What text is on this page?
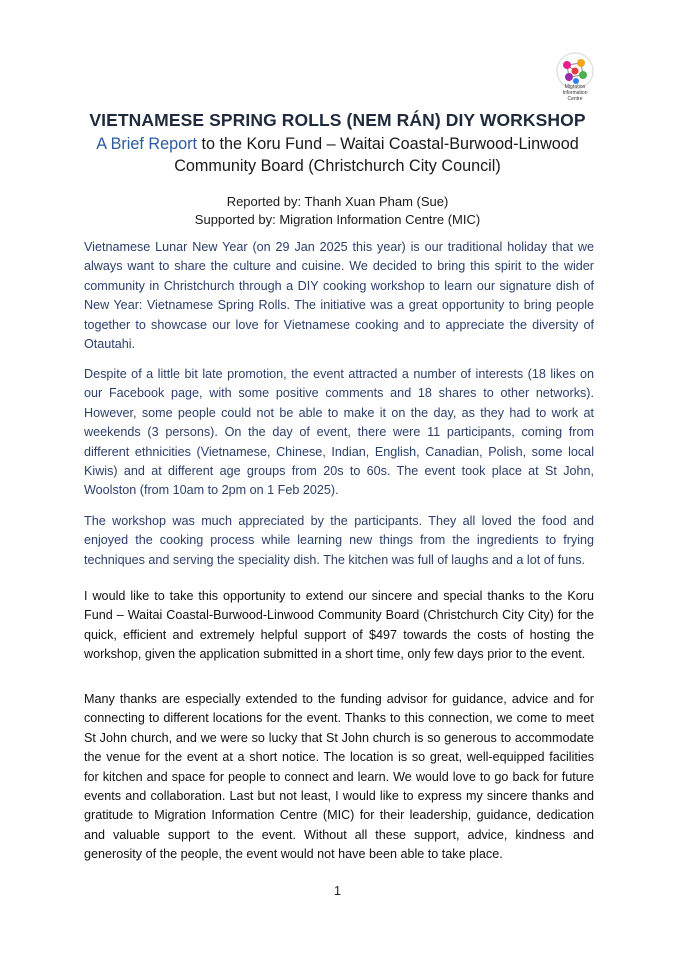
Migration
Information
Centre
VIETNAMESE SPRING ROLLS (NEM RÁN) DIY WORKSHOP
A Brief Report to the Koru Fund – Waitai Coastal-Burwood-Linwood Community Board (Christchurch City Council)
Reported by: Thanh Xuan Pham (Sue)
Supported by: Migration Information Centre (MIC)

Vietnamese Lunar New Year (on 29 Jan 2025 this year) is our traditional holiday that we always want to share the culture and cuisine. We decided to bring this spirit to the wider community in Christchurch through a DIY cooking workshop to learn our signature dish of New Year: Vietnamese Spring Rolls. The initiative was a great opportunity to bring people together to showcase our love for Vietnamese cooking and to appreciate the diversity of Otautahi.

Despite of a little bit late promotion, the event attracted a number of interests (18 likes on our Facebook page, with some positive comments and 18 shares to other networks). However, some people could not be able to make it on the day, as they had to work at weekends (3 persons). On the day of event, there were 11 participants, coming from different ethnicities (Vietnamese, Chinese, Indian, English, Canadian, Polish, some local Kiwis) and at different age groups from 20s to 60s. The event took place at St John, Woolston (from 10am to 2pm on 1 Feb 2025).

The workshop was much appreciated by the participants. They all loved the food and enjoyed the cooking process while learning new things from the ingredients to frying techniques and serving the speciality dish. The kitchen was full of laughs and a lot of funs.

I would like to take this opportunity to extend our sincere and special thanks to the Koru Fund – Waitai Coastal-Burwood-Linwood Community Board (Christchurch City City) for the quick, efficient and extremely helpful support of $497 towards the costs of hosting the workshop, given the application submitted in a short time, only few days prior to the event.

Many thanks are especially extended to the funding advisor for guidance, advice and for connecting to different locations for the event. Thanks to this connection, we come to meet St John church, and we were so lucky that St John church is so generous to accommodate the venue for the event at a short notice. The location is so great, well-equipped facilities for kitchen and space for people to connect and learn. We would love to go back for future events and collaboration. Last but not least, I would like to express my sincere thanks and gratitude to Migration Information Centre (MIC) for their leadership, guidance, dedication and valuable support to the event. Without all these support, advice, kindness and generosity of the people, the event would not have been able to take place.

1
